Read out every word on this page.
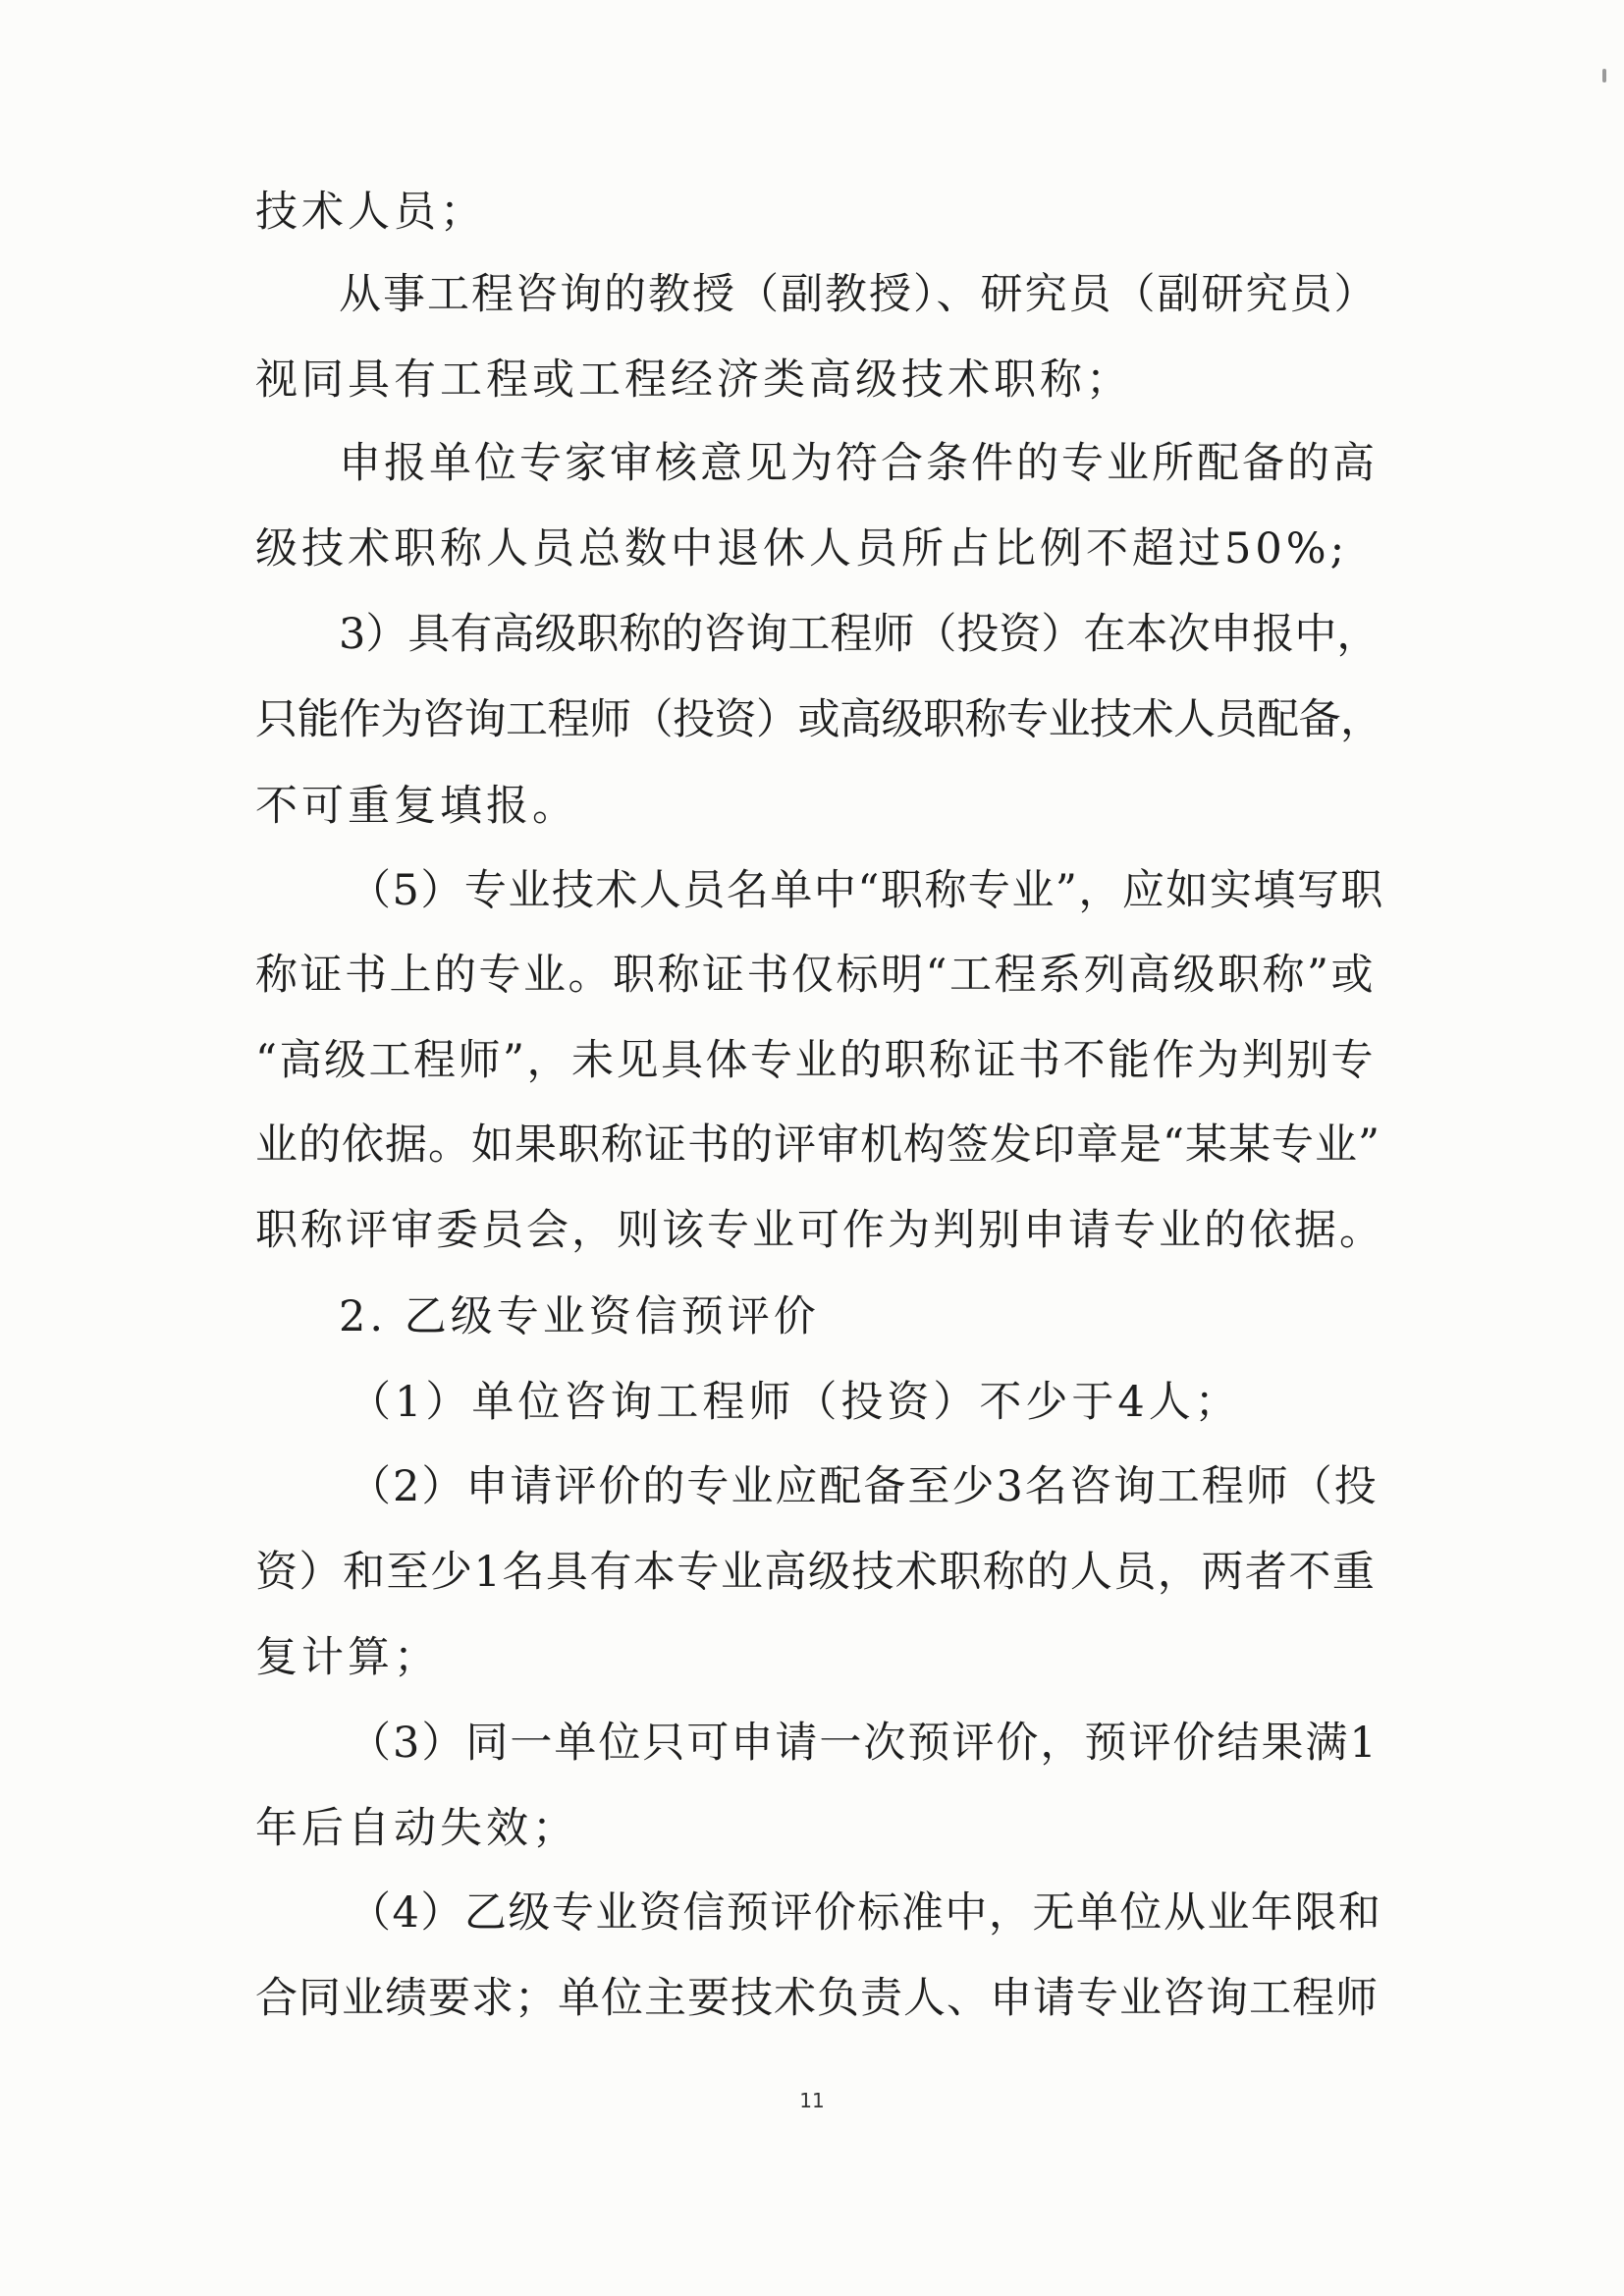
技术人员；
从事工程咨询的教授（副教授）、研究员（副研究员）
视同具有工程或工程经济类高级技术职称；
申报单位专家审核意见为符合条件的专业所配备的高
级技术职称人员总数中退休人员所占比例不超过50%;
3）具有高级职称的咨询工程师（投资）在本次申报中，
只能作为咨询工程师（投资）或高级职称专业技术人员配备，
不可重复填报。
（5）专业技术人员名单中“职称专业”，应如实填写职
称证书上的专业。职称证书仅标明“工程系列高级职称”或
“高级工程师”，未见具体专业的职称证书不能作为判别专
业的依据。如果职称证书的评审机构签发印章是“某某专业”
职称评审委员会，则该专业可作为判别申请专业的依据。
2. 乙级专业资信预评价
（1）单位咨询工程师（投资）不少于4人；
（2）申请评价的专业应配备至少3名咨询工程师（投
资）和至少1名具有本专业高级技术职称的人员，两者不重
复计算；
（3）同一单位只可申请一次预评价，预评价结果满1
年后自动失效；
（4）乙级专业资信预评价标准中，无单位从业年限和
合同业绩要求；单位主要技术负责人、申请专业咨询工程师
11
